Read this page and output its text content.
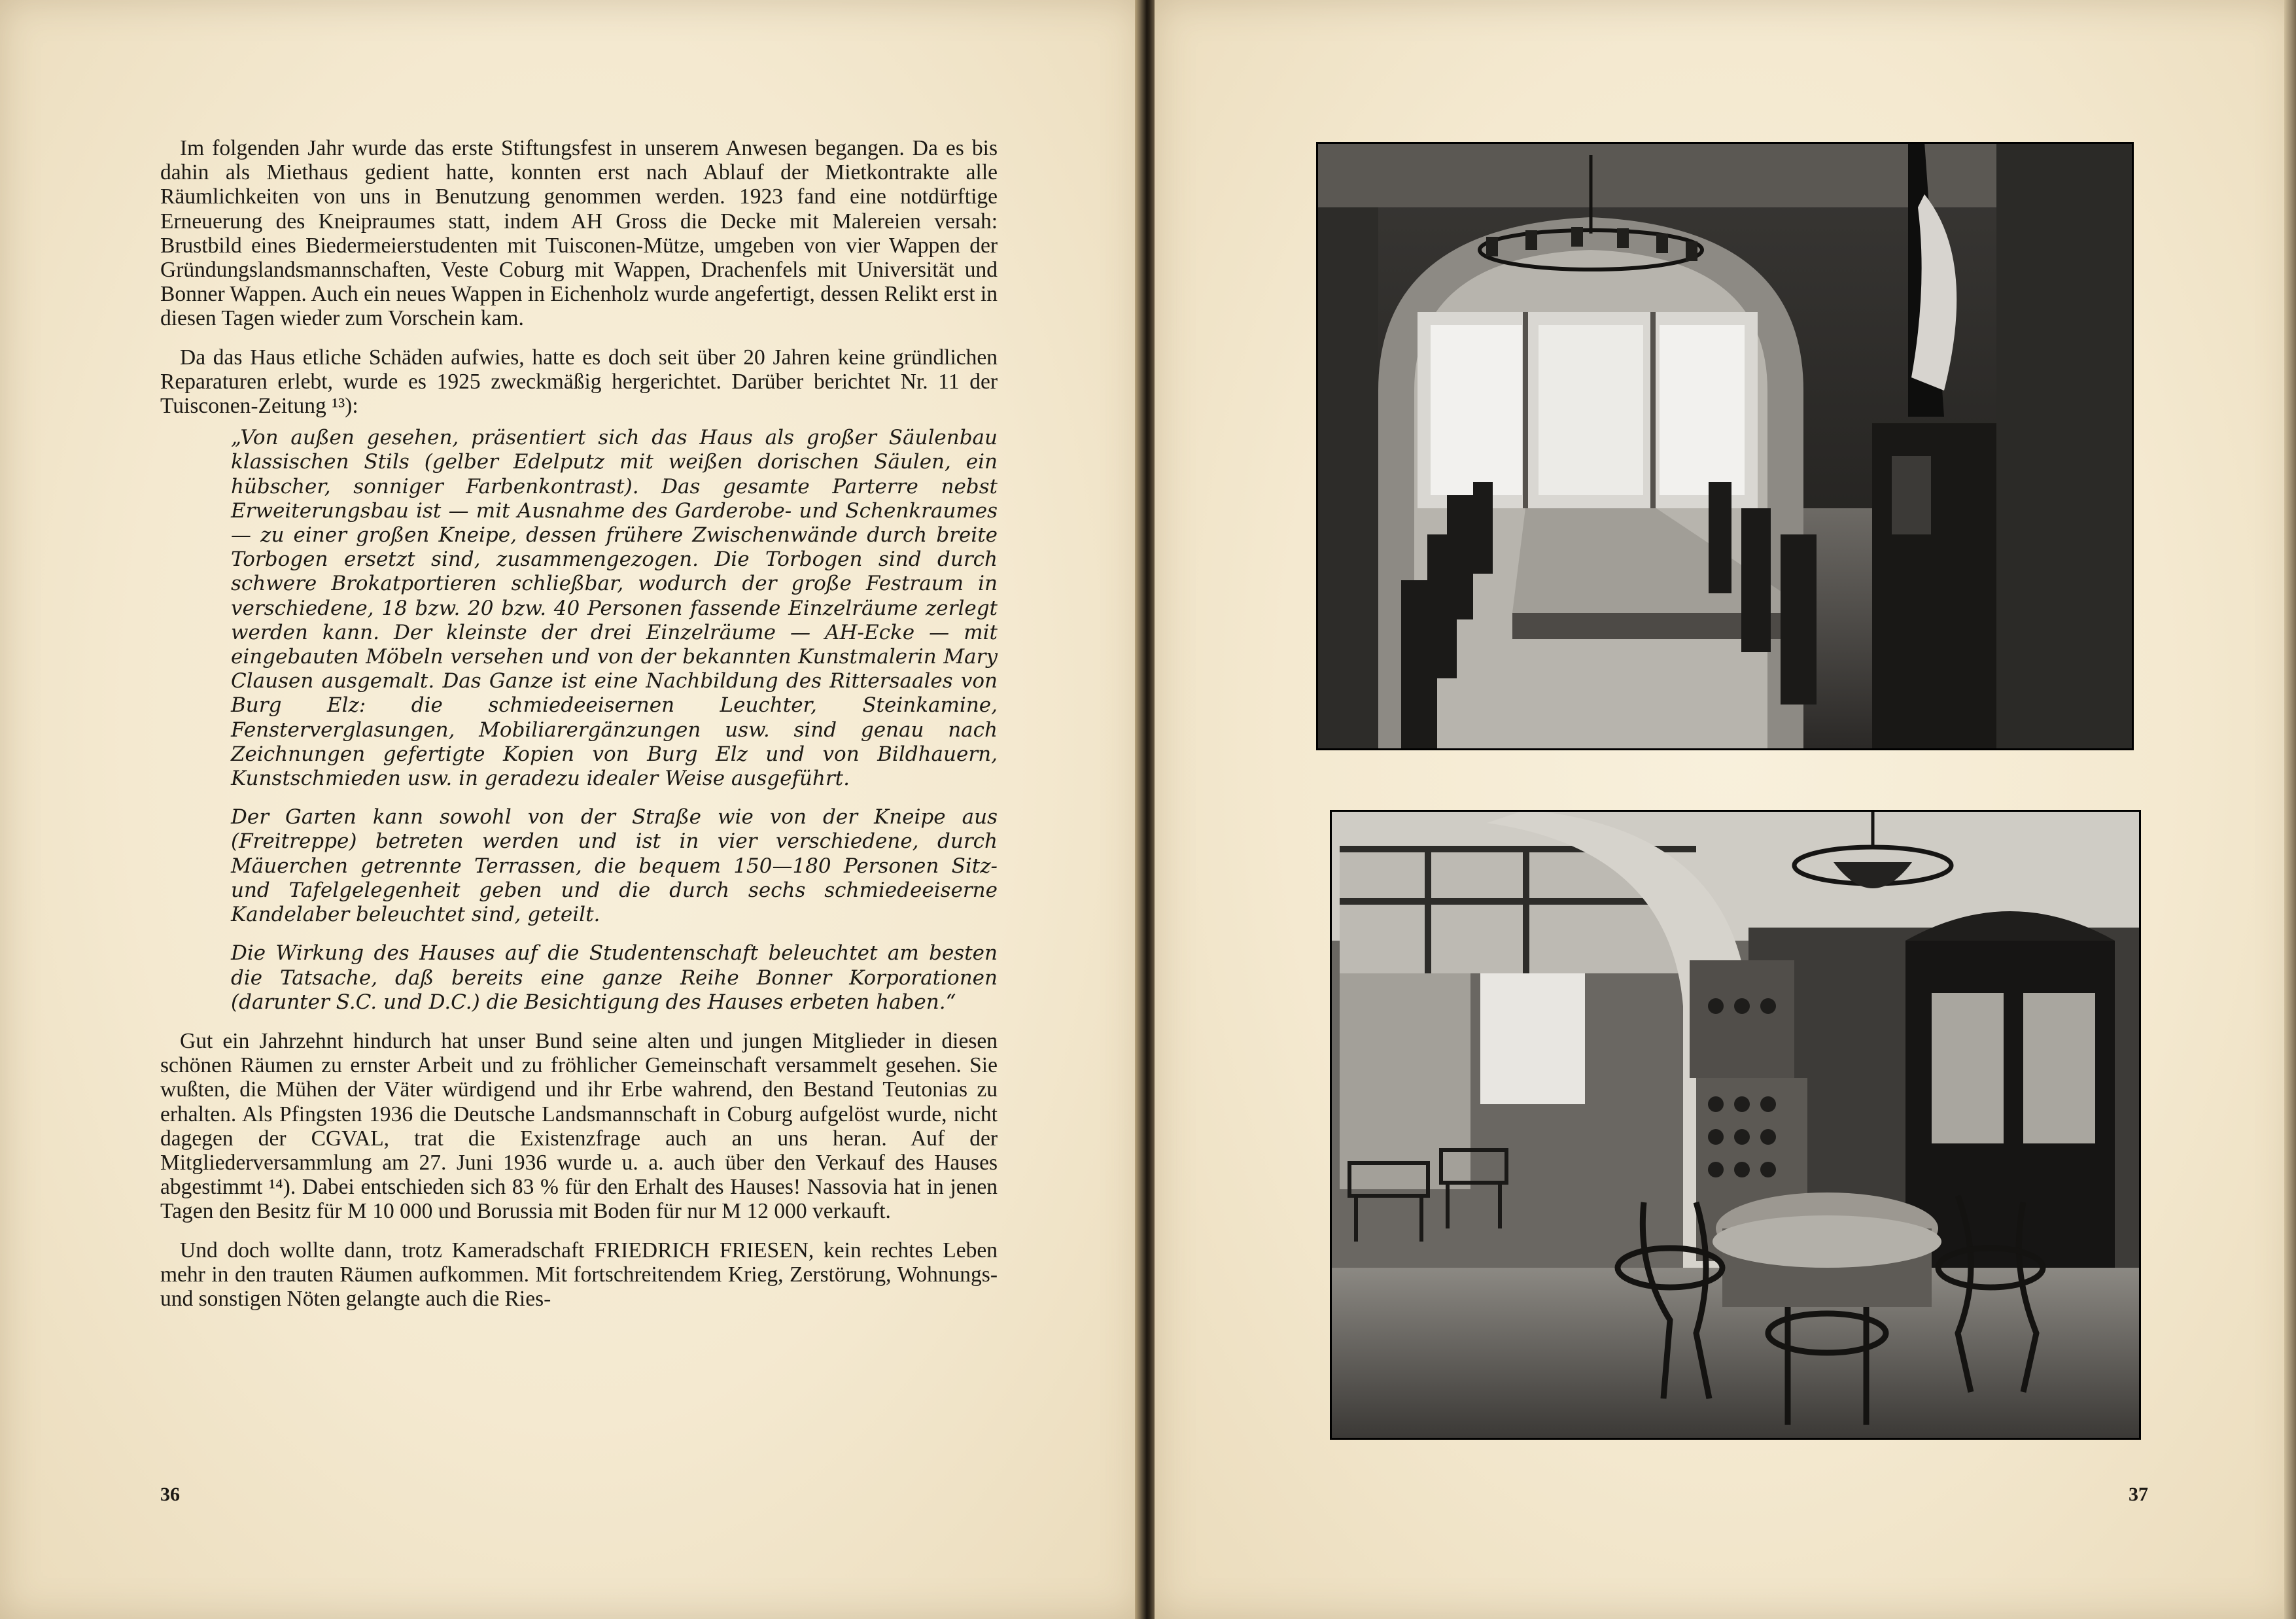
Im folgenden Jahr wurde das erste Stiftungsfest in unserem Anwesen begangen. Da es bis dahin als Miethaus gedient hatte, konnten erst nach Ablauf der Mietkontrakte alle Räumlichkeiten von uns in Benutzung genommen werden. 1923 fand eine notdürftige Erneuerung des Kneipraumes statt, indem AH Gross die Decke mit Malereien versah: Brustbild eines Biedermeierstudenten mit Tuisconen-Mütze, umgeben von vier Wappen der Gründungslandsmannschaften, Veste Coburg mit Wappen, Drachenfels mit Universität und Bonner Wappen. Auch ein neues Wappen in Eichenholz wurde angefertigt, dessen Relikt erst in diesen Tagen wieder zum Vorschein kam.

Da das Haus etliche Schäden aufwies, hatte es doch seit über 20 Jahren keine gründlichen Reparaturen erlebt, wurde es 1925 zweckmäßig hergerichtet. Darüber berichtet Nr. 11 der Tuisconen-Zeitung ¹³):

„Von außen gesehen, präsentiert sich das Haus als großer Säulenbau klassischen Stils (gelber Edelputz mit weißen dorischen Säulen, ein hübscher, sonniger Farbenkontrast). Das gesamte Parterre nebst Erweiterungsbau ist — mit Ausnahme des Garderobe- und Schenkraumes — zu einer großen Kneipe, dessen frühere Zwischenwände durch breite Torbogen ersetzt sind, zusammengezogen. Die Torbogen sind durch schwere Brokatportieren schließbar, wodurch der große Festraum in verschiedene, 18 bzw. 20 bzw. 40 Personen fassende Einzelräume zerlegt werden kann. Der kleinste der drei Einzelräume — AH-Ecke — mit eingebauten Möbeln versehen und von der bekannten Kunstmalerin Mary Clausen ausgemalt. Das Ganze ist eine Nachbildung des Rittersaales von Burg Elz: die schmiedeeisernen Leuchter, Steinkamine, Fensterverglasungen, Mobiliarergänzungen usw. sind genau nach Zeichnungen gefertigte Kopien von Burg Elz und von Bildhauern, Kunstschmieden usw. in geradezu idealer Weise ausgeführt.

Der Garten kann sowohl von der Straße wie von der Kneipe aus (Freitreppe) betreten werden und ist in vier verschiedene, durch Mäuerchen getrennte Terrassen, die bequem 150—180 Personen Sitz- und Tafelgelegenheit geben und die durch sechs schmiedeeiserne Kandelaber beleuchtet sind, geteilt.

Die Wirkung des Hauses auf die Studentenschaft beleuchtet am besten die Tatsache, daß bereits eine ganze Reihe Bonner Korporationen (darunter S.C. und D.C.) die Besichtigung des Hauses erbeten haben.“

Gut ein Jahrzehnt hindurch hat unser Bund seine alten und jungen Mitglieder in diesen schönen Räumen zu ernster Arbeit und zu fröhlicher Gemeinschaft versammelt gesehen. Sie wußten, die Mühen der Väter würdigend und ihr Erbe wahrend, den Bestand Teutonias zu erhalten. Als Pfingsten 1936 die Deutsche Landsmannschaft in Coburg aufgelöst wurde, nicht dagegen der CGVAL, trat die Existenzfrage auch an uns heran. Auf der Mitgliederversammlung am 27. Juni 1936 wurde u. a. auch über den Verkauf des Hauses abgestimmt ¹⁴). Dabei entschieden sich 83 % für den Erhalt des Hauses! Nassovia hat in jenen Tagen den Besitz für M 10 000 und Borussia mit Boden für nur M 12 000 verkauft.

Und doch wollte dann, trotz Kameradschaft FRIEDRICH FRIESEN, kein rechtes Leben mehr in den trauten Räumen aufkommen. Mit fortschreitendem Krieg, Zerstörung, Wohnungs- und sonstigen Nöten gelangte auch die Ries-

36	37
